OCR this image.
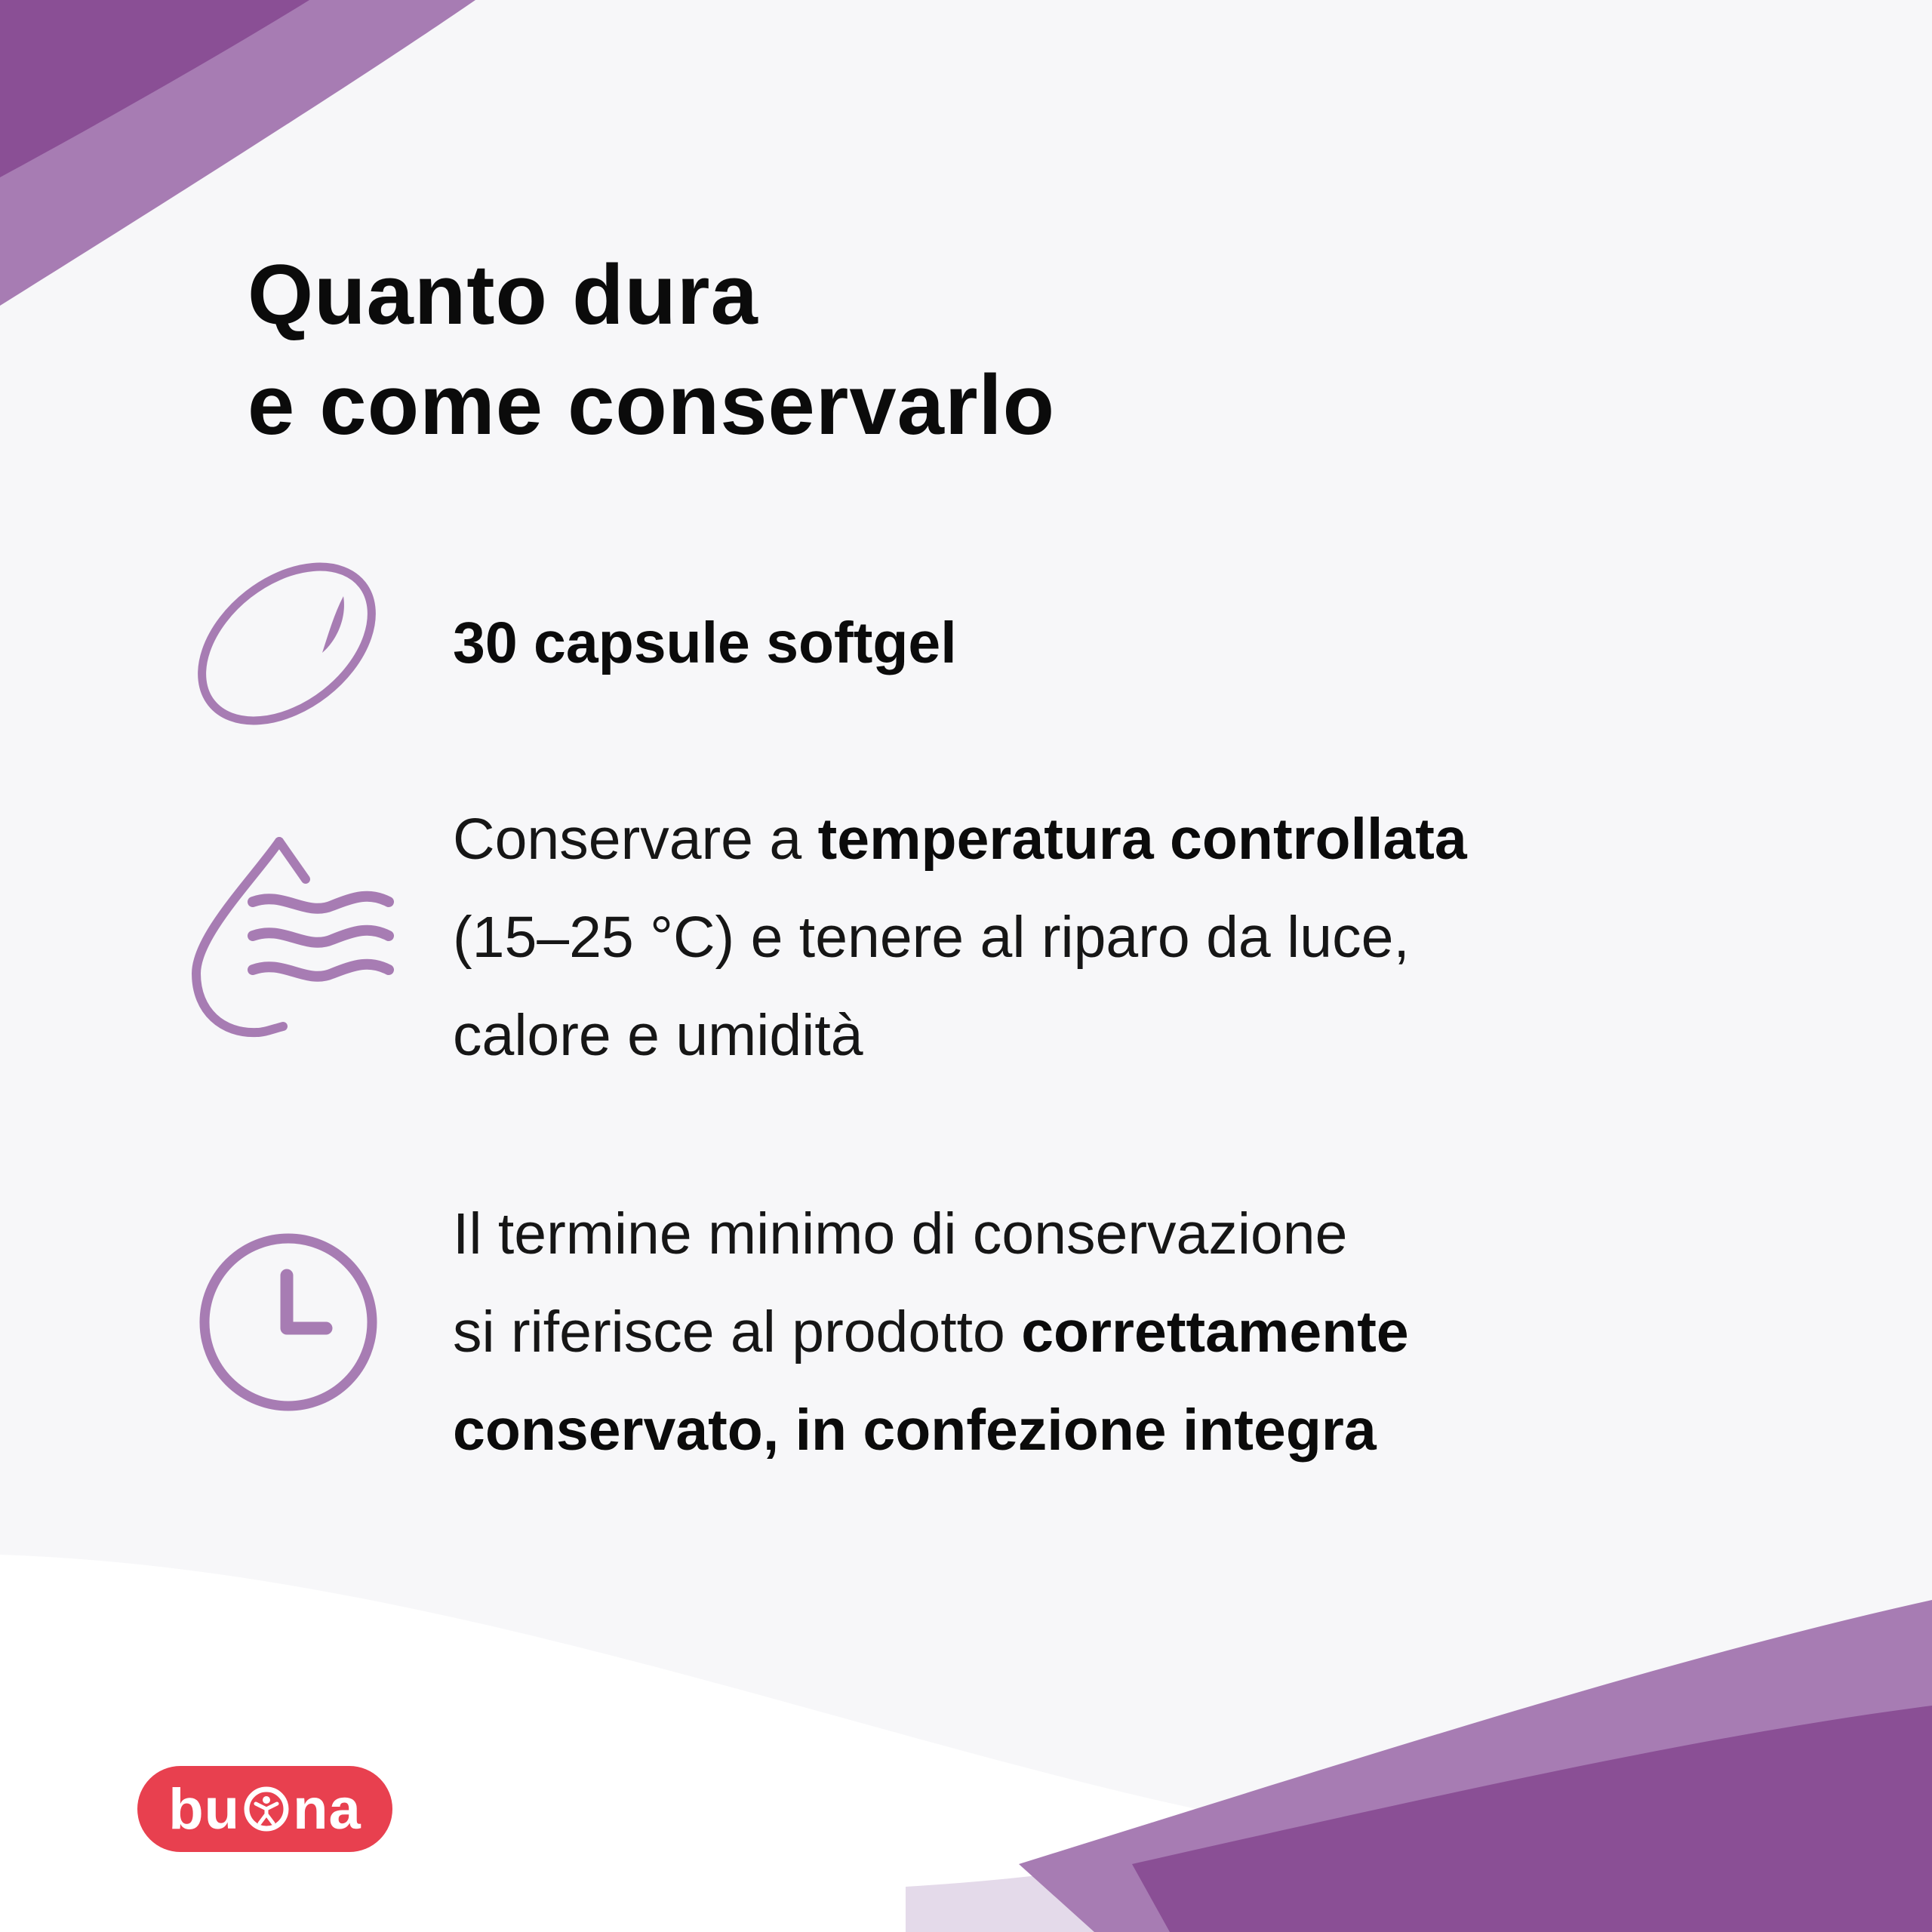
Quanto dura
e come conservarlo
30 capsule softgel
Conservare a temperatura controllata
(15–25 °C) e tenere al riparo da luce,
calore e umidità
Il termine minimo di conservazione
si riferisce al prodotto correttamente
conservato, in confezione integra
bu na
